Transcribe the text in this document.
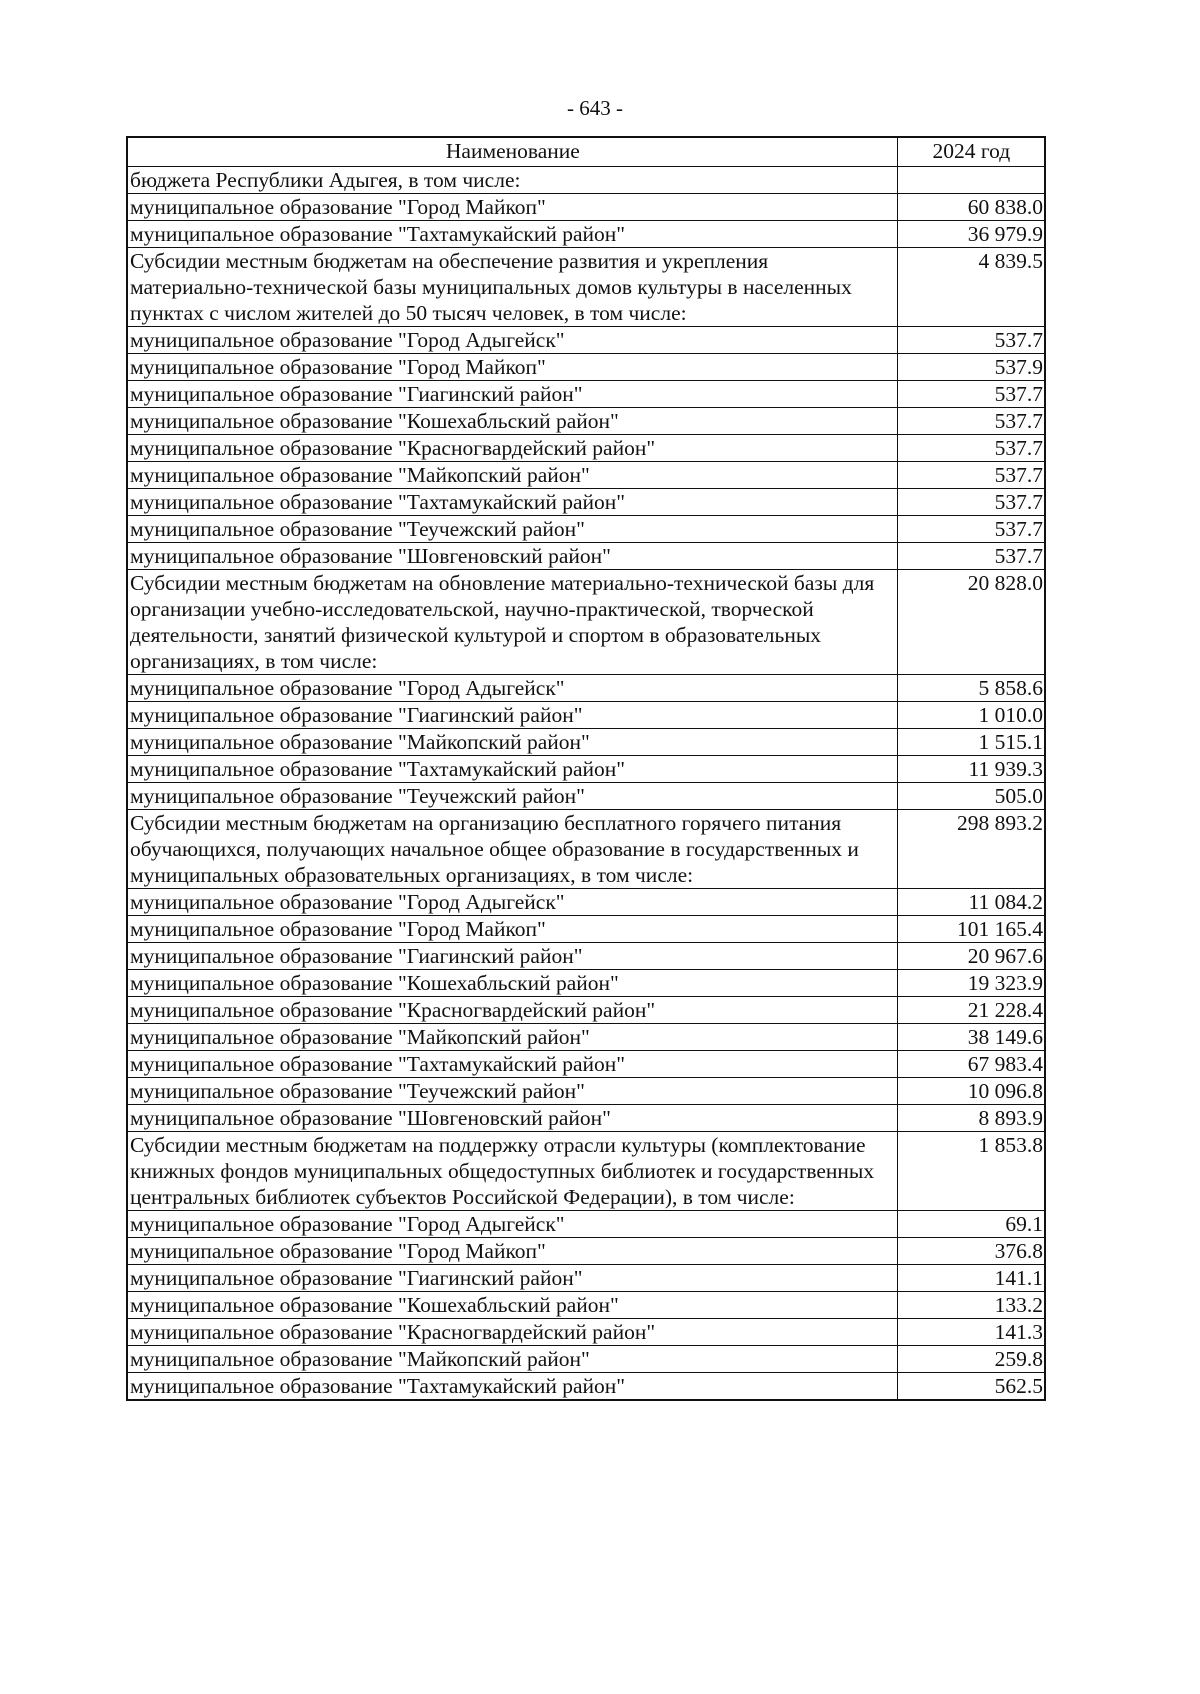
- 643 -
Наименование	2024 год
бюджета Республики Адыгея, в том числе:	
муниципальное образование "Город Майкоп"	60 838.0
муниципальное образование "Тахтамукайский район"	36 979.9
Субсидии местным бюджетам на обеспечение развития и укрепления материально-технической базы муниципальных домов культуры в населенных пунктах с числом жителей до 50 тысяч человек, в том числе:	4 839.5
муниципальное образование "Город Адыгейск"	537.7
муниципальное образование "Город Майкоп"	537.9
муниципальное образование "Гиагинский район"	537.7
муниципальное образование "Кошехабльский район"	537.7
муниципальное образование "Красногвардейский район"	537.7
муниципальное образование "Майкопский район"	537.7
муниципальное образование "Тахтамукайский район"	537.7
муниципальное образование "Теучежский район"	537.7
муниципальное образование "Шовгеновский район"	537.7
Субсидии местным бюджетам на обновление материально-технической базы для организации учебно-исследовательской, научно-практической, творческой деятельности, занятий физической культурой и спортом в образовательных организациях, в том числе:	20 828.0
муниципальное образование "Город Адыгейск"	5 858.6
муниципальное образование "Гиагинский район"	1 010.0
муниципальное образование "Майкопский район"	1 515.1
муниципальное образование "Тахтамукайский район"	11 939.3
муниципальное образование "Теучежский район"	505.0
Субсидии местным бюджетам на организацию бесплатного горячего питания обучающихся, получающих начальное общее образование в государственных и муниципальных образовательных организациях, в том числе:	298 893.2
муниципальное образование "Город Адыгейск"	11 084.2
муниципальное образование "Город Майкоп"	101 165.4
муниципальное образование "Гиагинский район"	20 967.6
муниципальное образование "Кошехабльский район"	19 323.9
муниципальное образование "Красногвардейский район"	21 228.4
муниципальное образование "Майкопский район"	38 149.6
муниципальное образование "Тахтамукайский район"	67 983.4
муниципальное образование "Теучежский район"	10 096.8
муниципальное образование "Шовгеновский район"	8 893.9
Субсидии местным бюджетам на поддержку отрасли культуры (комплектование книжных фондов муниципальных общедоступных библиотек и государственных центральных библиотек субъектов Российской Федерации), в том числе:	1 853.8
муниципальное образование "Город Адыгейск"	69.1
муниципальное образование "Город Майкоп"	376.8
муниципальное образование "Гиагинский район"	141.1
муниципальное образование "Кошехабльский район"	133.2
муниципальное образование "Красногвардейский район"	141.3
муниципальное образование "Майкопский район"	259.8
муниципальное образование "Тахтамукайский район"	562.5
